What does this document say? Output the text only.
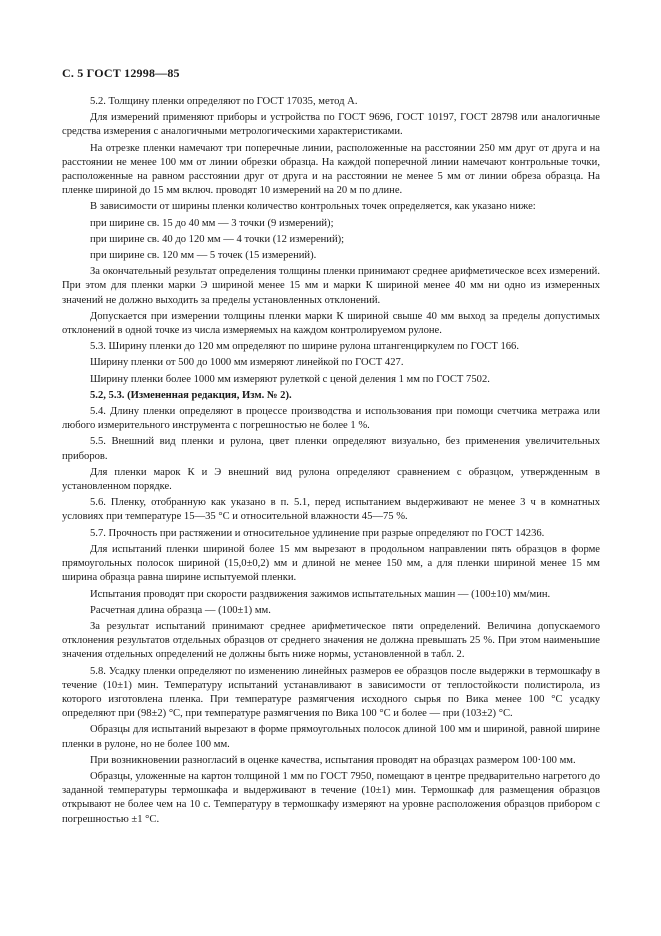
С. 5 ГОСТ 12998—85

5.2. Толщину пленки определяют по ГОСТ 17035, метод А.

Для измерений применяют приборы и устройства по ГОСТ 9696, ГОСТ 10197, ГОСТ 28798 или аналогичные средства измерения с аналогичными метрологическими характеристиками.

На отрезке пленки намечают три поперечные линии, расположенные на расстоянии 250 мм друг от друга и на расстоянии не менее 100 мм от линии обрезки образца. На каждой поперечной линии намечают контрольные точки, расположенные на равном расстоянии друг от друга и на расстоянии не менее 5 мм от линии обреза образца. На пленке шириной до 15 мм включ. проводят 10 измерений на 20 м по длине.

В зависимости от ширины пленки количество контрольных точек определяется, как указано ниже:

при ширине св. 15 до 40 мм — 3 точки (9 измерений);

при ширине св. 40 до 120 мм — 4 точки (12 измерений);

при ширине св. 120 мм — 5 точек (15 измерений).

За окончательный результат определения толщины пленки принимают среднее арифметическое всех измерений. При этом для пленки марки Э шириной менее 15 мм и марки К шириной менее 40 мм ни одно из измеренных значений не должно выходить за пределы установленных отклонений.

Допускается при измерении толщины пленки марки К шириной свыше 40 мм выход за пределы допустимых отклонений в одной точке из числа измеряемых на каждом контролируемом рулоне.

5.3. Ширину пленки до 120 мм определяют по ширине рулона штангенциркулем по ГОСТ 166.

Ширину пленки от 500 до 1000 мм измеряют линейкой по ГОСТ 427.

Ширину пленки более 1000 мм измеряют рулеткой с ценой деления 1 мм по ГОСТ 7502.

5.2, 5.3. (Измененная редакция, Изм. № 2).

5.4. Длину пленки определяют в процессе производства и использования при помощи счетчика метража или любого измерительного инструмента с погрешностью не более 1 %.

5.5. Внешний вид пленки и рулона, цвет пленки определяют визуально, без применения увеличительных приборов.

Для пленки марок К и Э внешний вид рулона определяют сравнением с образцом, утвержденным в установленном порядке.

5.6. Пленку, отобранную как указано в п. 5.1, перед испытанием выдерживают не менее 3 ч в комнатных условиях при температуре 15—35 °С и относительной влажности 45—75 %.

5.7. Прочность при растяжении и относительное удлинение при разрые определяют по ГОСТ 14236.

Для испытаний пленки шириной более 15 мм вырезают в продольном направлении пять образцов в форме прямоугольных полосок шириной (15,0±0,2) мм и длиной не менее 150 мм, а для пленки шириной менее 15 мм ширина образца равна ширине испытуемой пленки.

Испытания проводят при скорости раздвижения зажимов испытательных машин — (100±10) мм/мин.

Расчетная длина образца — (100±1) мм.

За результат испытаний принимают среднее арифметическое пяти определений. Величина допускаемого отклонения результатов отдельных образцов от среднего значения не должна превышать 25 %. При этом наименьшие значения отдельных определений не должны быть ниже нормы, установленной в табл. 2.

5.8. Усадку пленки определяют по изменению линейных размеров ее образцов после выдержки в термошкафу в течение (10±1) мин. Температуру испытаний устанавливают в зависимости от теплостойкости полистирола, из которого изготовлена пленка. При температуре размягчения исходного сырья по Вика менее 100 °С усадку определяют при (98±2) °С, при температуре размягчения по Вика 100 °С и более — при (103±2) °С.

Образцы для испытаний вырезают в форме прямоугольных полосок длиной 100 мм и шириной, равной ширине пленки в рулоне, но не более 100 мм.

При возникновении разногласий в оценке качества, испытания проводят на образцах размером 100·100 мм.

Образцы, уложенные на картон толщиной 1 мм по ГОСТ 7950, помещают в центре предварительно нагретого до заданной температуры термошкафа и выдерживают в течение (10±1) мин. Термошкаф для размещения образцов открывают не более чем на 10 с. Температуру в термошкафу измеряют на уровне расположения образцов прибором с погрешностью ±1 °С.
